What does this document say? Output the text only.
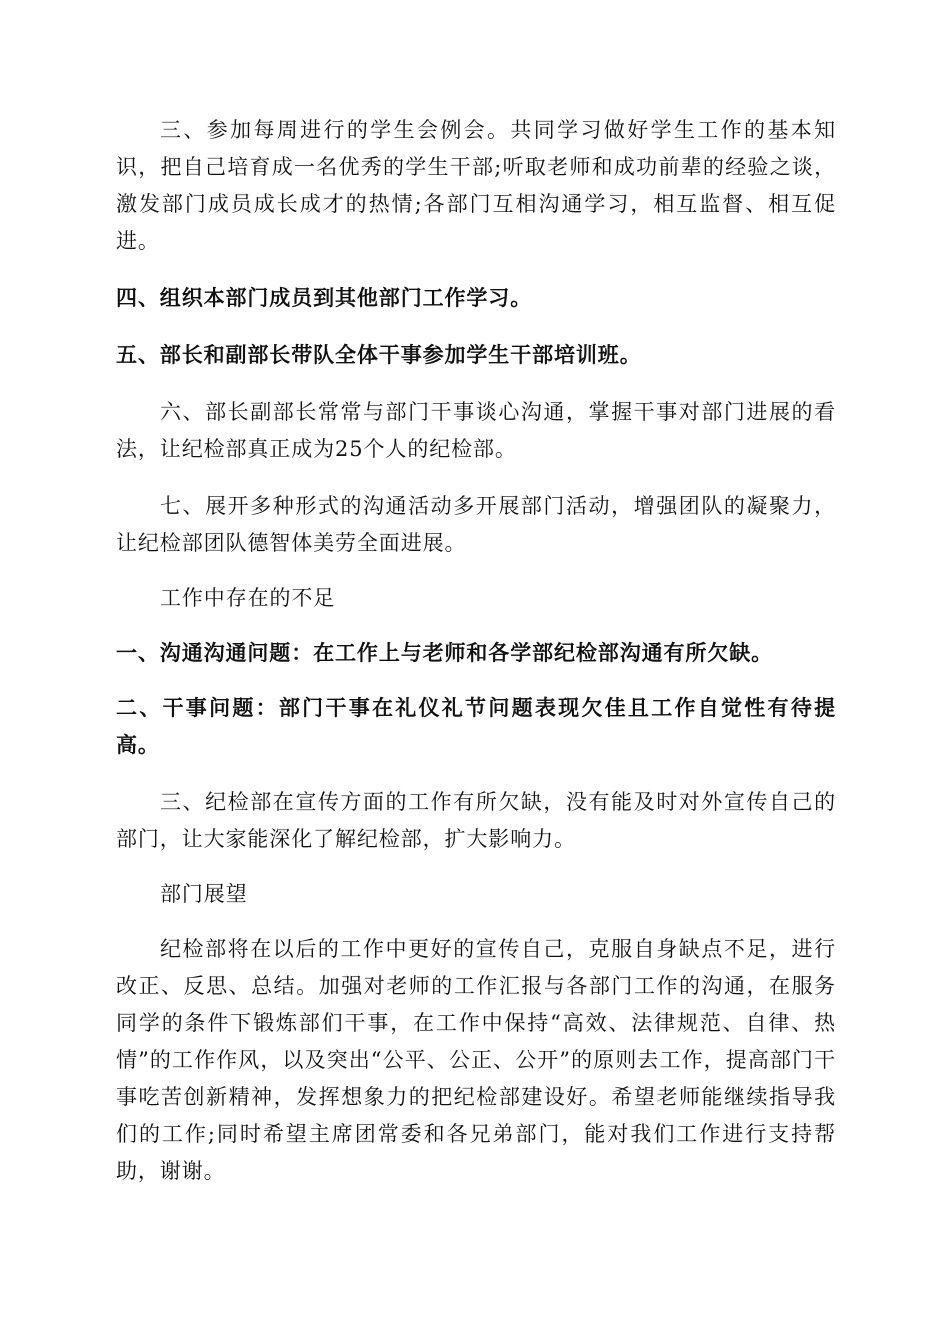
三、参加每周进行的学生会例会。共同学习做好学生工作的基本知识，把自己培育成一名优秀的学生干部;听取老师和成功前辈的经验之谈，激发部门成员成长成才的热情;各部门互相沟通学习，相互监督、相互促进。

四、组织本部门成员到其他部门工作学习。

五、部长和副部长带队全体干事参加学生干部培训班。

六、部长副部长常常与部门干事谈心沟通，掌握干事对部门进展的看法，让纪检部真正成为25个人的纪检部。

七、展开多种形式的沟通活动多开展部门活动，增强团队的凝聚力，让纪检部团队德智体美劳全面进展。

工作中存在的不足

一、沟通沟通问题：在工作上与老师和各学部纪检部沟通有所欠缺。

二、干事问题：部门干事在礼仪礼节问题表现欠佳且工作自觉性有待提高。

三、纪检部在宣传方面的工作有所欠缺，没有能及时对外宣传自己的部门，让大家能深化了解纪检部，扩大影响力。

部门展望

纪检部将在以后的工作中更好的宣传自己，克服自身缺点不足，进行改正、反思、总结。加强对老师的工作汇报与各部门工作的沟通，在服务同学的条件下锻炼部们干事，在工作中保持“高效、法律规范、自律、热情”的工作作风，以及突出“公平、公正、公开”的原则去工作，提高部门干事吃苦创新精神，发挥想象力的把纪检部建设好。希望老师能继续指导我们的工作;同时希望主席团常委和各兄弟部门，能对我们工作进行支持帮助，谢谢。
